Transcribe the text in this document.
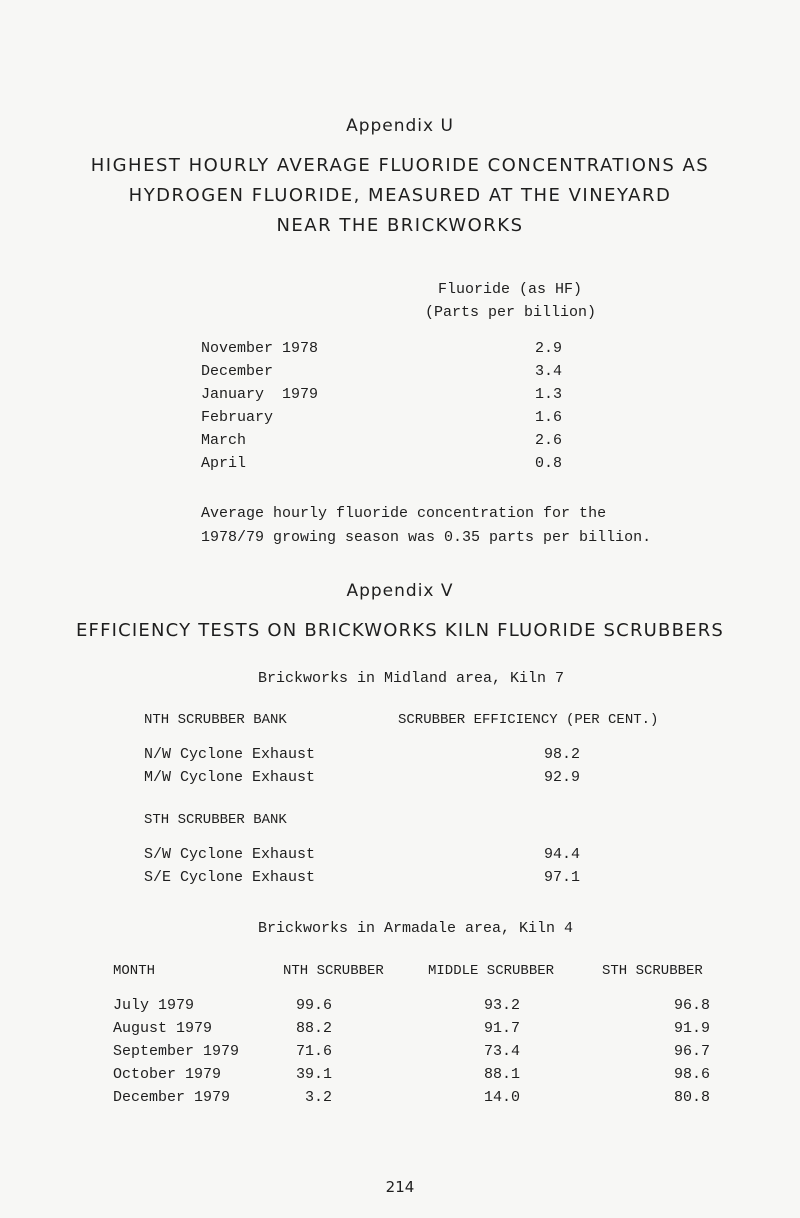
Appendix U
HIGHEST HOURLY AVERAGE FLUORIDE CONCENTRATIONS AS
HYDROGEN FLUORIDE, MEASURED AT THE VINEYARD
NEAR THE BRICKWORKS
Fluoride (as HF)
(Parts per billion)
November 1978	2.9
December	3.4
January  1979	1.3
February	1.6
March	2.6
April	0.8
Average hourly fluoride concentration for the
1978/79 growing season was 0.35 parts per billion.
Appendix V
EFFICIENCY TESTS ON BRICKWORKS KILN FLUORIDE SCRUBBERS
Brickworks in Midland area, Kiln 7
NTH SCRUBBER BANK	SCRUBBER EFFICIENCY (PER CENT.)
N/W Cyclone Exhaust	98.2
M/W Cyclone Exhaust	92.9
STH SCRUBBER BANK
S/W Cyclone Exhaust	94.4
S/E Cyclone Exhaust	97.1
Brickworks in Armadale area, Kiln 4
MONTH	NTH SCRUBBER	MIDDLE SCRUBBER	STH SCRUBBER
July 1979	99.6	93.2	96.8
August 1979	88.2	91.7	91.9
September 1979	71.6	73.4	96.7
October 1979	39.1	88.1	98.6
December 1979	3.2	14.0	80.8
214
